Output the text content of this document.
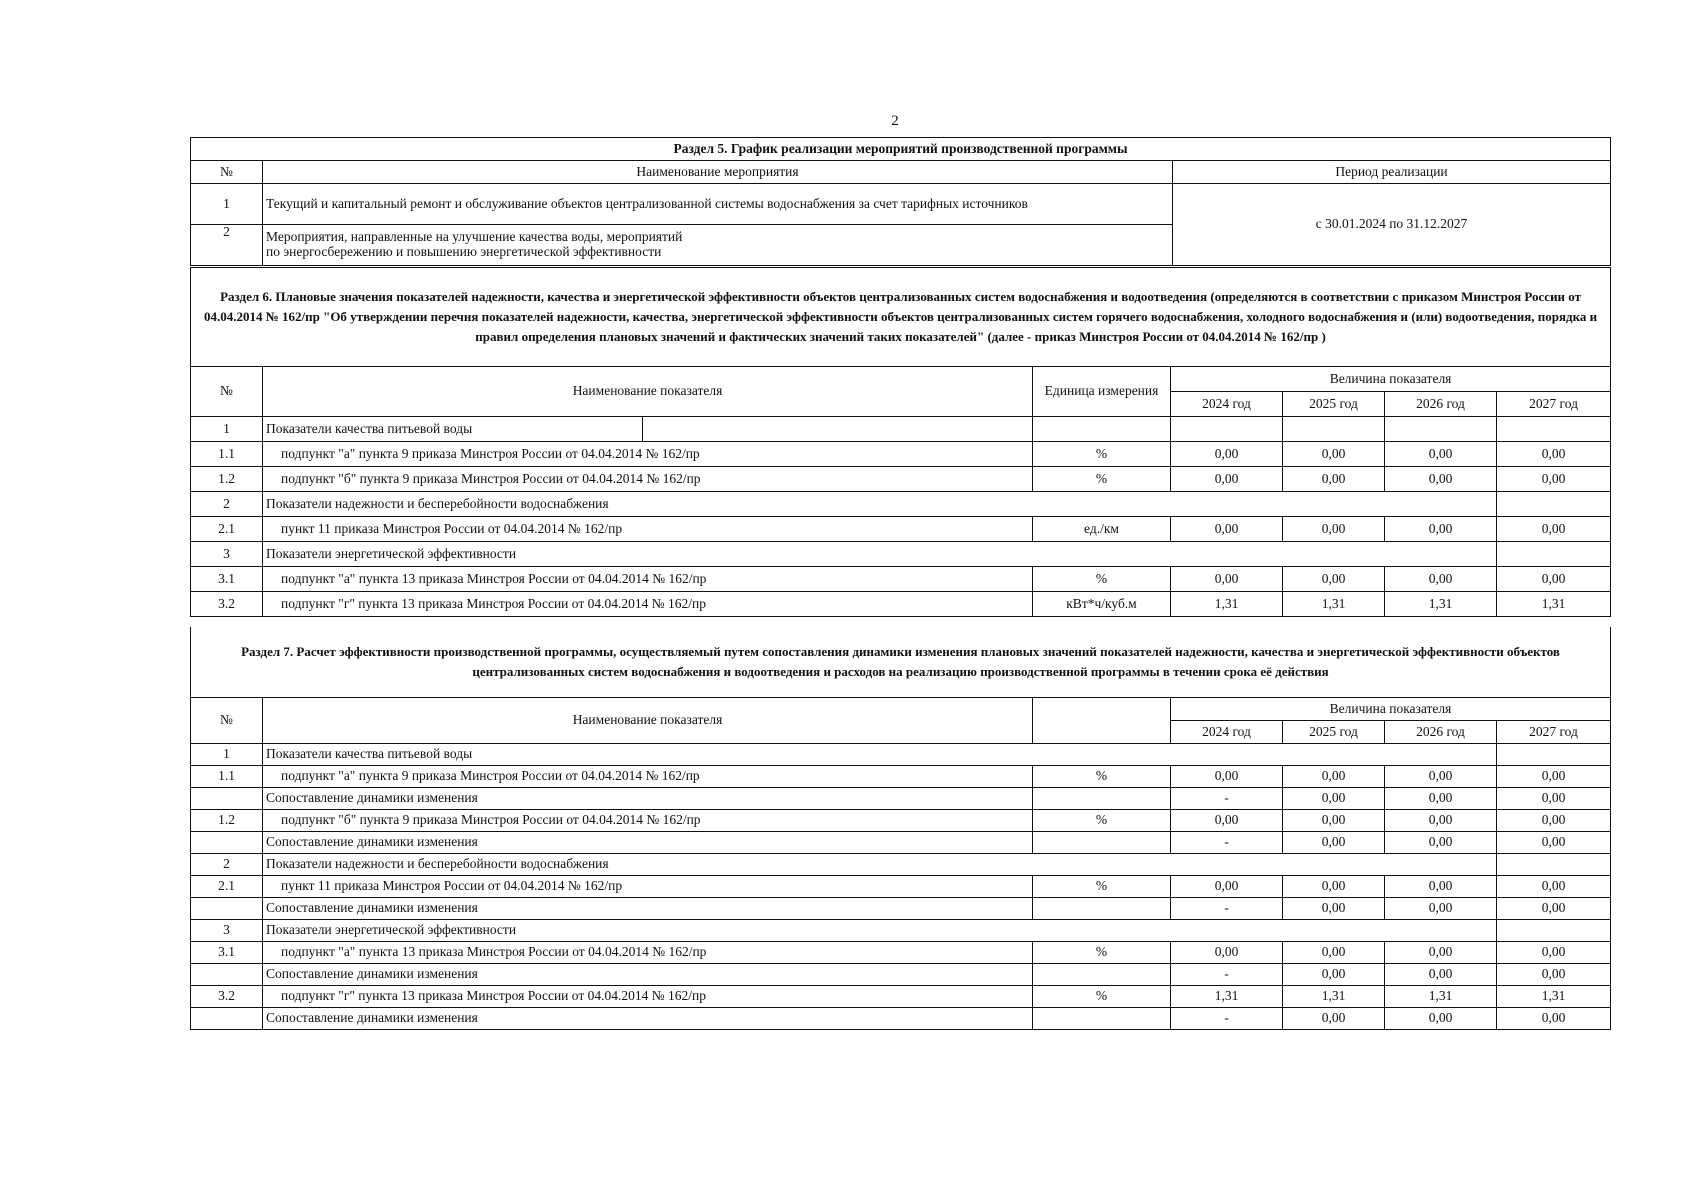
2
Раздел 5. График реализации мероприятий производственной программы		
№	Наименование мероприятия	Период реализации
1	Текущий и капитальный ремонт и обслуживание объектов централизованной системы водоснабжения за счет тарифных источников	с 30.01.2024 по 31.12.2027
2	Мероприятия, направленные на улучшение качества воды, мероприятий
по энергосбережению и повышению энергетической эффективности	
Раздел 6. Плановые значения показателей надежности, качества и энергетической эффективности объектов централизованных систем водоснабжения и водоотведения (определяются в соответствии с приказом Минстроя России от 04.04.2014 № 162/пр "Об утверждении перечня показателей надежности, качества, энергетической эффективности объектов централизованных систем горячего водоснабжения, холодного водоснабжения и (или) водоотведения, порядка и правил определения плановых значений и фактических значений таких показателей" (далее - приказ Минстроя России от 04.04.2014 № 162/пр )							
№	Наименование показателя		Единица измерения	Величина показателя			
				2024 год	2025 год	2026 год	2027 год
1	Показатели качества питьевой воды						
1.1	подпункт "а" пункта 9 приказа Минстроя России от 04.04.2014 № 162/пр		%	0,00	0,00	0,00	0,00
1.2	подпункт "б" пункта 9 приказа Минстроя России от 04.04.2014 № 162/пр		%	0,00	0,00	0,00	0,00
2	Показатели надежности и бесперебойности водоснабжения						
2.1	пункт 11 приказа Минстроя России от 04.04.2014 № 162/пр		ед./км	0,00	0,00	0,00	0,00
3	Показатели энергетической эффективности						
3.1	подпункт "а" пункта 13 приказа Минстроя России от 04.04.2014 № 162/пр		%	0,00	0,00	0,00	0,00
3.2	подпункт "г" пункта 13 приказа Минстроя России от 04.04.2014 № 162/пр		кВт*ч/куб.м	1,31	1,31	1,31	1,31
Раздел 7. Расчет эффективности производственной программы, осуществляемый путем сопоставления динамики изменения плановых значений показателей надежности, качества и энергетической эффективности объектов централизованных систем водоснабжения и водоотведения и расходов на реализацию производственной программы в течении срока её действия						
№	Наименование показателя		Величина показателя			
			2024 год	2025 год	2026 год	2027 год
1	Показатели качества питьевой воды					
1.1	подпункт "а" пункта 9 приказа Минстроя России от 04.04.2014 № 162/пр	%	0,00	0,00	0,00	0,00
	Сопоставление динамики изменения		-	0,00	0,00	0,00
1.2	подпункт "б" пункта 9 приказа Минстроя России от 04.04.2014 № 162/пр	%	0,00	0,00	0,00	0,00
	Сопоставление динамики изменения		-	0,00	0,00	0,00
2	Показатели надежности и бесперебойности водоснабжения					
2.1	пункт 11 приказа Минстроя России от 04.04.2014 № 162/пр	%	0,00	0,00	0,00	0,00
	Сопоставление динамики изменения		-	0,00	0,00	0,00
3	Показатели энергетической эффективности					
3.1	подпункт "а" пункта 13 приказа Минстроя России от 04.04.2014 № 162/пр	%	0,00	0,00	0,00	0,00
	Сопоставление динамики изменения		-	0,00	0,00	0,00
3.2	подпункт "г" пункта 13 приказа Минстроя России от 04.04.2014 № 162/пр	%	1,31	1,31	1,31	1,31
	Сопоставление динамики изменения		-	0,00	0,00	0,00
